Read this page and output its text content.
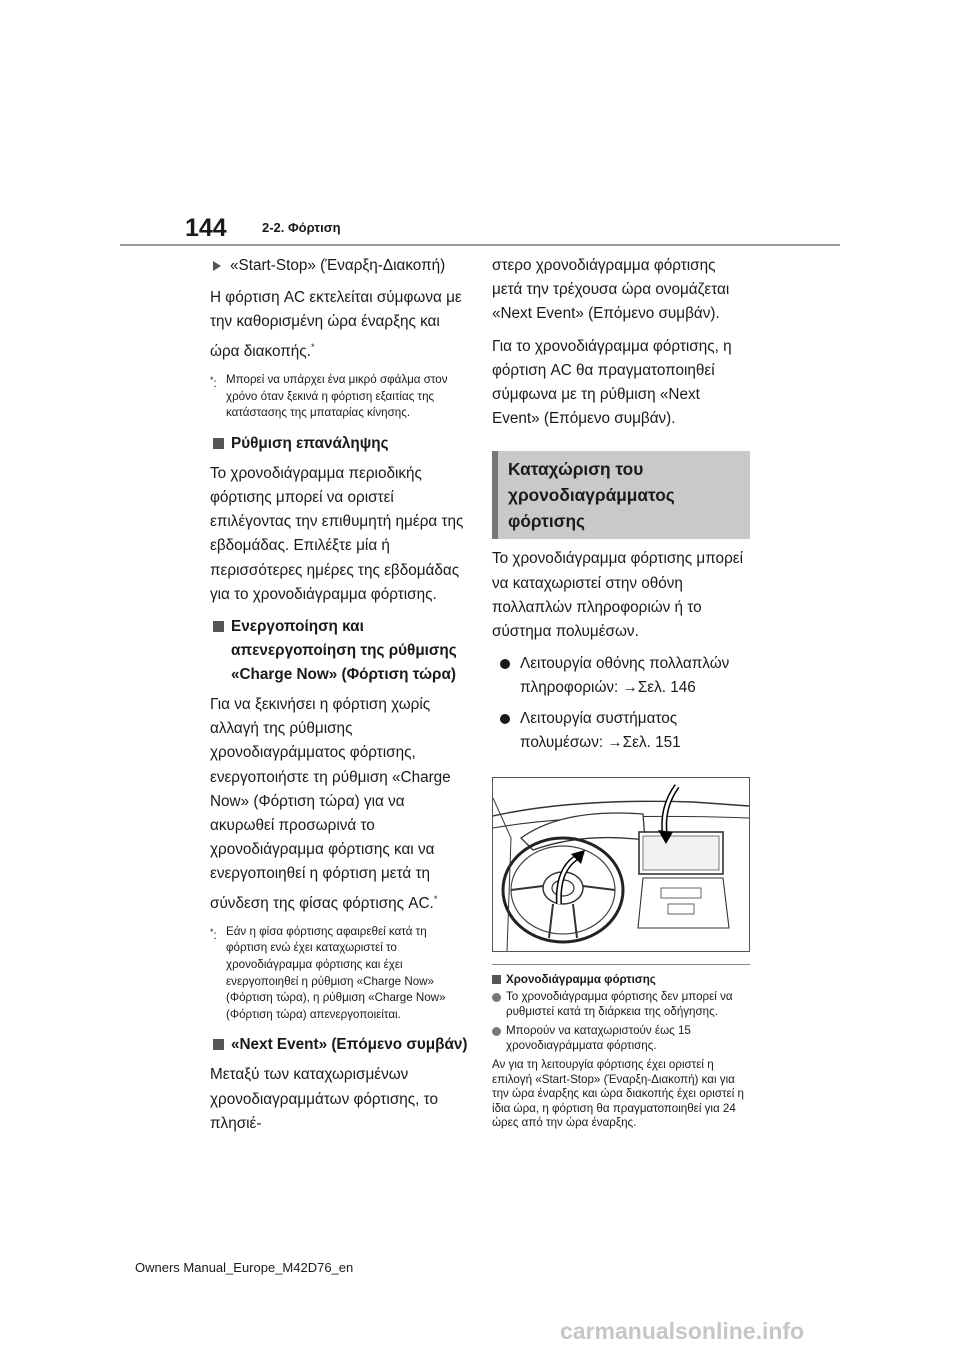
144	2-2. Φόρτιση
«Start-Stop» (Έναρξη-Διακοπή)

Η φόρτιση AC εκτελείται σύμφωνα με την καθορισμένη ώρα έναρξης και ώρα διακοπής.*

*: Μπορεί να υπάρχει ένα μικρό σφάλμα στον χρόνο όταν ξεκινά η φόρτιση εξαιτίας της κατάστασης της μπαταρίας κίνησης.
Ρύθμιση επανάληψης

Το χρονοδιάγραμμα περιοδικής φόρτισης μπορεί να οριστεί επιλέγοντας την επιθυμητή ημέρα της εβδομάδας. Επιλέξτε μία ή περισσότερες ημέρες της εβδομάδας για το χρονοδιάγραμμα φόρτισης.

Ενεργοποίηση και απενεργοποίηση της ρύθμισης «Charge Now» (Φόρτιση τώρα)

Για να ξεκινήσει η φόρτιση χωρίς αλλαγή της ρύθμισης χρονοδιαγράμματος φόρτισης, ενεργοποιήστε τη ρύθμιση «Charge Now» (Φόρτιση τώρα) για να ακυρωθεί προσωρινά το χρονοδιάγραμμα φόρτισης και να ενεργοποιηθεί η φόρτιση μετά τη σύνδεση της φίσας φόρτισης AC.*

*: Εάν η φίσα φόρτισης αφαιρεθεί κατά τη φόρτιση ενώ έχει καταχωριστεί το χρονοδιάγραμμα φόρτισης και έχει ενεργοποιηθεί η ρύθμιση «Charge Now» (Φόρτιση τώρα), η ρύθμιση «Charge Now» (Φόρτιση τώρα) απενεργοποιείται.
«Next Event» (Επόμενο συμβάν)

Μεταξύ των καταχωρισμένων χρονοδιαγραμμάτων φόρτισης, το πλησιέ-

στερο χρονοδιάγραμμα φόρτισης μετά την τρέχουσα ώρα ονομάζεται «Next Event» (Επόμενο συμβάν).

Για το χρονοδιάγραμμα φόρτισης, η φόρτιση AC θα πραγματοποιηθεί σύμφωνα με τη ρύθμιση «Next Event» (Επόμενο συμβάν).

Καταχώριση του χρονοδιαγράμματος φόρτισης

Το χρονοδιάγραμμα φόρτισης μπορεί να καταχωριστεί στην οθόνη πολλαπλών πληροφοριών ή το σύστημα πολυμέσων.

Λειτουργία οθόνης πολλαπλών πληροφοριών: →Σελ. 146
Λειτουργία συστήματος πολυμέσων: →Σελ. 151
Χρονοδιάγραμμα φόρτισης
Το χρονοδιάγραμμα φόρτισης δεν μπορεί να ρυθμιστεί κατά τη διάρκεια της οδήγησης.
Μπορούν να καταχωριστούν έως 15 χρονοδιαγράμματα φόρτισης.

Αν για τη λειτουργία φόρτισης έχει οριστεί η επιλογή «Start-Stop» (Έναρξη-Διακοπή) και για την ώρα έναρξης και ώρα διακοπής έχει οριστεί η ίδια ώρα, η φόρτιση θα πραγματοποιηθεί για 24 ώρες από την ώρα έναρξης.

Owners Manual_Europe_M42D76_en
carmanualsonline.info
